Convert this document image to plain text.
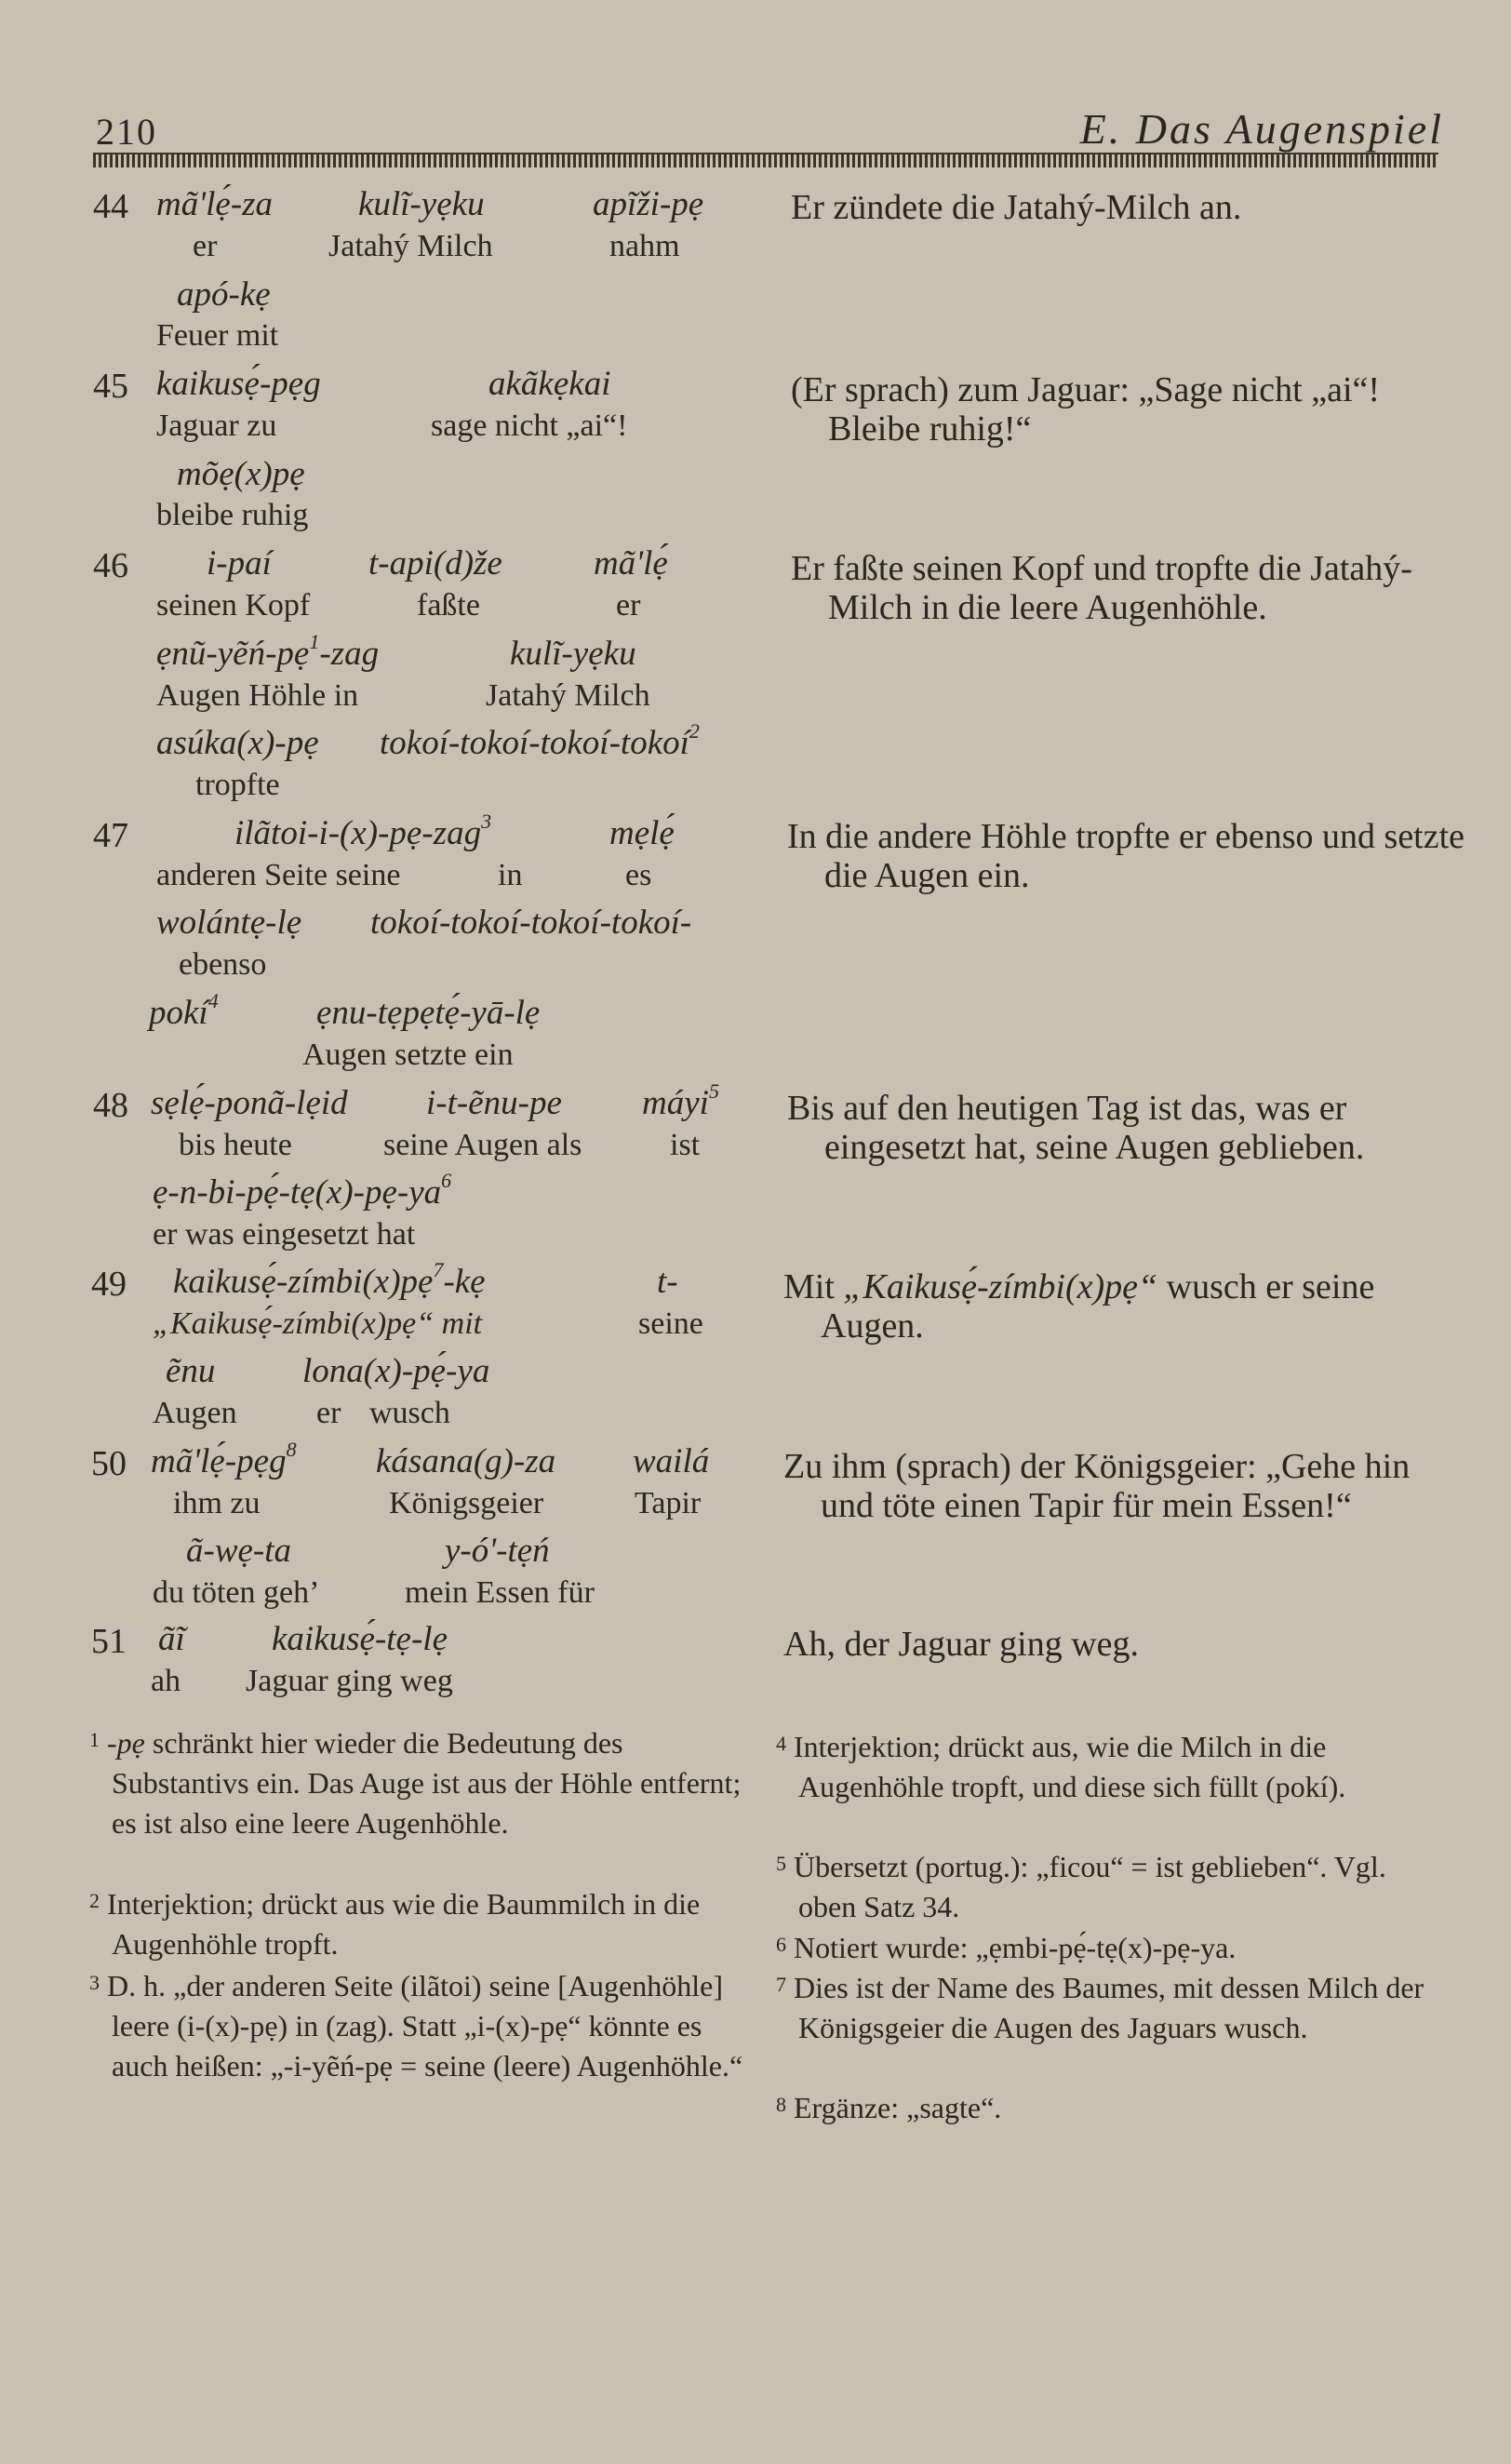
210	E. Das Augenspiel
44 mã'lẹ́-za kulĩ-yẹku	apĩži-pẹ
er	Jatahý Milch	nahm
apó-kẹ
Feuer mit
Er zündete die Jatahý-Milch an.
45 kaikusẹ́-pẹg	akãkẹkai
Jaguar zu	sage nicht „ai“!
mõẹ(x)pẹ
bleibe ruhig
(Er sprach) zum Jaguar: „Sage nicht „ai“! Bleibe ruhig!“
46 i-paí	t-api(d)že	mã'lẹ́
seinen Kopf	faßte	er
ẹnũ-yẽń-pẹ$^1$-zag	kulĩ-yẹku
Augen Höhle in	Jatahý Milch
asúka(x)-pẹ tokoí-tokoí-tokoí-tokoí$^2$
tropfte
Er faßte seinen Kopf und tropfte die Jatahý-Milch in die leere Augenhöhle.
47	ilãtoi-i-(x)-pẹ-zag$^3$	mẹlẹ́
anderen Seite seine	in	es
wolántẹ-lẹ tokoí-tokoí-tokoí-tokoí-
ebenso
pokí$^4$	ẹnu-tẹpẹtẹ́-yā-lẹ
Augen setzte ein
In die andere Höhle tropfte er ebenso und setzte die Augen ein.
48 sẹlẹ́-ponã-lẹid i-t-ẽnu-pe máyi$^5$
bis heute	seine Augen als	ist
$ẹ-n-bi-pẹ́-tẹ(x)-pẹ-ya^6$
er was eingesetzt hat
Bis auf den heutigen Tag ist das, was er eingesetzt hat, seine Augen geblieben.
49 kaikusẹ́-zímbi(x)pẹ$^7$-kẹ	t-
„Kaikusẹ́-zímbi(x)pẹ“ mit	seine
ẽnu	lona(x)-pẹ́-ya
Augen	er wusch
Mit „Kaikusẹ́-zímbi(x)pẹ“ wusch er seine Augen.
50 mã'lẹ́-pẹg$^8$ kásana(g)-za wailá
ihm zu	Königsgeier	Tapir
ã-wẹ-ta	y-ó'-tẹń
du töten geh’	mein Essen für
Zu ihm (sprach) der Königsgeier: „Gehe hin und töte einen Tapir für mein Essen!“
51 ãĩ	kaikusẹ́-tẹ-lẹ
ah Jaguar ging weg
Ah, der Jaguar ging weg.
$^1$ -pẹ schränkt hier wieder die Bedeutung des Substantivs ein. Das Auge ist aus der Höhle entfernt; es ist also eine leere Augenhöhle.
$^2$ Interjektion; drückt aus wie die Baummilch in die Augenhöhle tropft.
$^3$ D. h. „der anderen Seite (ilãtoi) seine [Augenhöhle] leere (i-(x)-pẹ) in (zag). Statt „i-(x)-pẹ“ könnte es auch heißen: „-i-yẽń-pẹ = seine (leere) Augenhöhle.“
$^4$ Interjektion; drückt aus, wie die Milch in die Augenhöhle tropft, und diese sich füllt (pokí).
$^5$ Übersetzt (portug.): „ficou“ = ist geblieben“. Vgl. oben Satz 34.
$^6$ Notiert wurde: „ẹmbi-pẹ́-tẹ(x)-pẹ-ya.
$^7$ Dies ist der Name des Baumes, mit dessen Milch der Königsgeier die Augen des Jaguars wusch.
$^8$ Ergänze: „sagte“.
